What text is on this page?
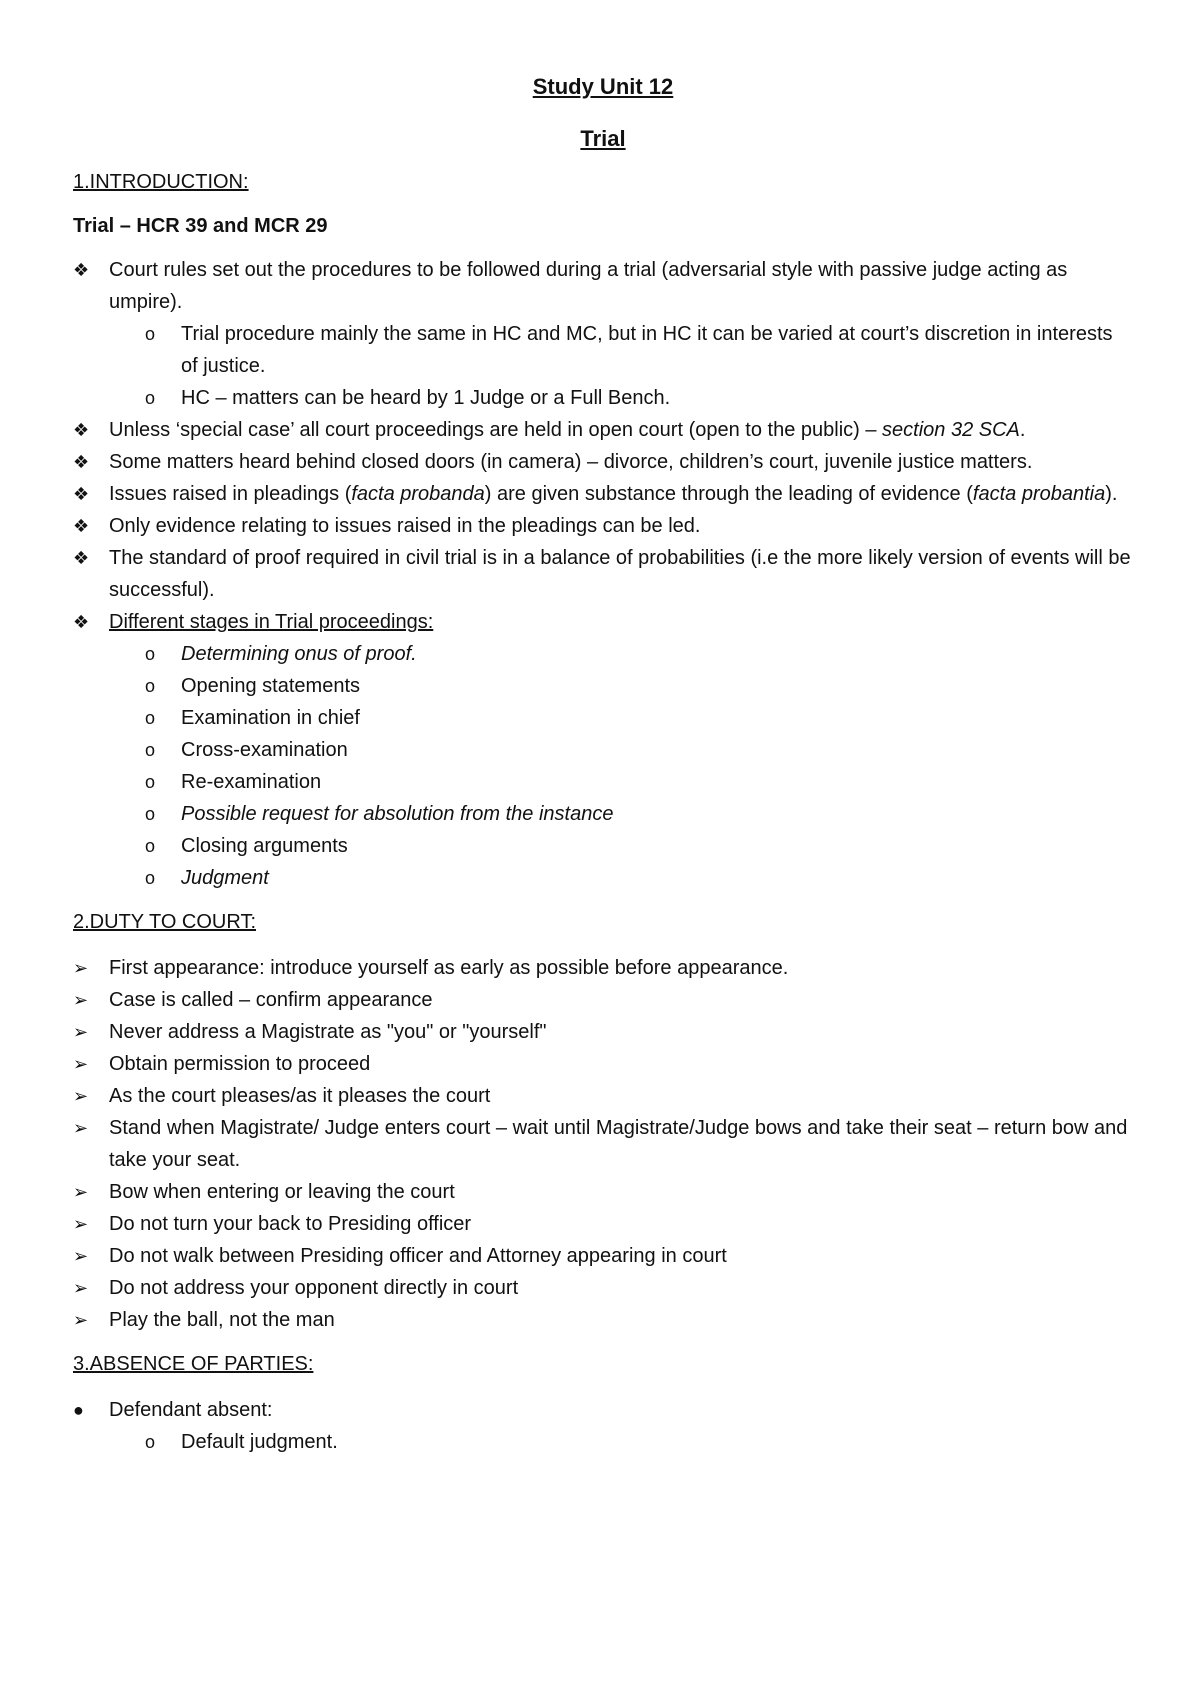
Study Unit 12

Trial

1.INTRODUCTION:

Trial – HCR 39 and MCR 29

❖ Court rules set out the procedures to be followed during a trial (adversarial style with passive judge acting as umpire).
o	Trial procedure mainly the same in HC and MC, but in HC it can be varied at court’s discretion in interests of justice.
o	HC – matters can be heard by 1 Judge or a Full Bench.
❖ Unless ‘special case’ all court proceedings are held in open court (open to the public) – section 32 SCA.
❖ Some matters heard behind closed doors (in camera) – divorce, children’s court, juvenile justice matters.
❖ Issues raised in pleadings (facta probanda) are given substance through the leading of evidence (facta probantia).
❖ Only evidence relating to issues raised in the pleadings can be led.
❖ The standard of proof required in civil trial is in a balance of probabilities (i.e the more likely version of events will be successful).
❖ Different stages in Trial proceedings:
o	Determining onus of proof.
o	Opening statements
o	Examination in chief
o	Cross-examination
o	Re-examination
o	Possible request for absolution from the instance
o	Closing arguments
o	Judgment

2.DUTY TO COURT:

➢	First appearance: introduce yourself as early as possible before appearance.
➢	Case is called – confirm appearance
➢	Never address a Magistrate as "you" or "yourself"
➢	Obtain permission to proceed
➢	As the court pleases/as it pleases the court
➢	Stand when Magistrate/ Judge enters court – wait until Magistrate/Judge bows and take their seat – return bow and take your seat.
➢	Bow when entering or leaving the court
➢	Do not turn your back to Presiding officer
➢	Do not walk between Presiding officer and Attorney appearing in court
➢	Do not address your opponent directly in court
➢	Play the ball, not the man

3.ABSENCE OF PARTIES:

●	Defendant absent:
o	Default judgment.
